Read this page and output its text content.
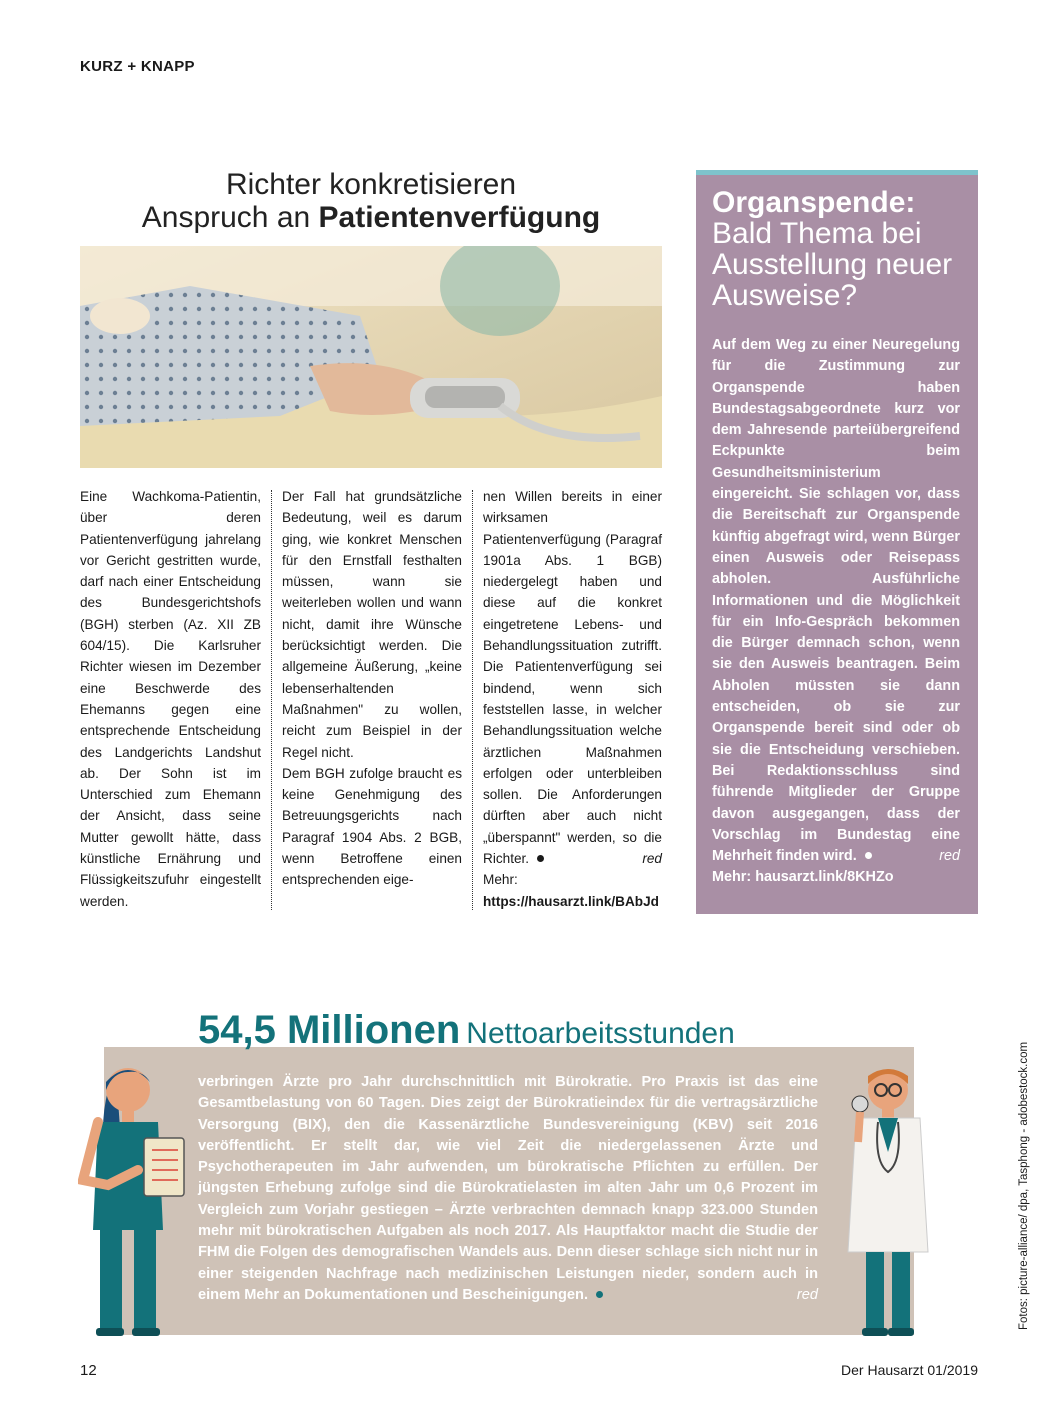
KURZ + KNAPP
Richter konkretisieren
Anspruch an Patientenverfügung

Eine Wachkoma-Patientin, über deren Patientenverfügung jahrelang vor Gericht gestritten wurde, darf nach einer Entscheidung des Bundesgerichtshofs (BGH) sterben (Az. XII ZB 604/15). Die Karlsruher Richter wiesen im Dezember eine Beschwerde des Ehemanns gegen eine entsprechende Entscheidung des Landgerichts Landshut ab. Der Sohn ist im Unterschied zum Ehemann der Ansicht, dass seine Mutter gewollt hätte, dass künstliche Ernährung und Flüssigkeitszufuhr eingestellt werden.

Der Fall hat grundsätzliche Bedeutung, weil es darum ging, wie konkret Menschen für den Ernstfall festhalten müssen, wann sie weiterleben wollen und wann nicht, damit ihre Wünsche berücksichtigt werden. Die allgemeine Äußerung, „keine lebenserhaltenden Maßnahmen" zu wollen, reicht zum Beispiel in der Regel nicht.

Dem BGH zufolge braucht es keine Genehmigung des Betreuungsgerichts nach Paragraf 1904 Abs. 2 BGB, wenn Betroffene einen entsprechenden eige-

nen Willen bereits in einer wirksamen Patientenverfügung (Paragraf 1901a Abs. 1 BGB) niedergelegt haben und diese auf die konkret eingetretene Lebens- und Behandlungssituation zutrifft. Die Patientenverfügung sei bindend, wenn sich feststellen lasse, in welcher Behandlungssituation welche ärztlichen Maßnahmen erfolgen oder unterbleiben sollen. Die Anforderungen dürften aber auch nicht „überspannt" werden, so die Richter.	red

Mehr: https://hausarzt.link/BAbJd

Organspende:
Bald Thema bei Ausstellung neuer Ausweise?
Auf dem Weg zu einer Neuregelung für die Zustimmung zur Organspende haben Bundestagsabgeordnete kurz vor dem Jahresende parteiübergreifend Eckpunkte beim Gesundheitsministerium eingereicht. Sie schlagen vor, dass die Bereitschaft zur Organspende künftig abgefragt wird, wenn Bürger einen Ausweis oder Reisepass abholen. Ausführliche Informationen und die Möglichkeit für ein Info-Gespräch bekommen die Bürger demnach schon, wenn sie den Ausweis beantragen. Beim Abholen müssten sie dann entscheiden, ob sie zur Organspende bereit sind oder ob sie die Entscheidung verschieben. Bei Redaktionsschluss sind führende Mitglieder der Gruppe davon ausgegangen, dass der Vorschlag im Bundestag eine Mehrheit finden wird.	red

Mehr: hausarzt.link/8KHZo
54,5 Millionen Nettoarbeitsstunden
verbringen Ärzte pro Jahr durchschnittlich mit Bürokratie. Pro Praxis ist das eine Gesamtbelastung von 60 Tagen. Dies zeigt der Bürokratieindex für die vertragsärztliche Versorgung (BIX), den die Kassenärztliche Bundesvereinigung (KBV) seit 2016 veröffentlicht. Er stellt dar, wie viel Zeit die niedergelassenen Ärzte und Psychotherapeuten im Jahr aufwenden, um bürokratische Pflichten zu erfüllen. Der jüngsten Erhebung zufolge sind die Bürokratielasten im alten Jahr um 0,6 Prozent im Vergleich zum Vorjahr gestiegen – Ärzte verbrachten demnach knapp 323.000 Stunden mehr mit bürokratischen Aufgaben als noch 2017. Als Hauptfaktor macht die Studie der FHM die Folgen des demografischen Wandels aus. Denn dieser schlage sich nicht nur in einer steigenden Nachfrage nach medizinischen Leistungen nieder, sondern auch in einem Mehr an Dokumentationen und Bescheinigungen.	red	Fotos: picture-alliance/ dpa, Tasphong - adobestock.com
12	Der Hausarzt 01/2019
